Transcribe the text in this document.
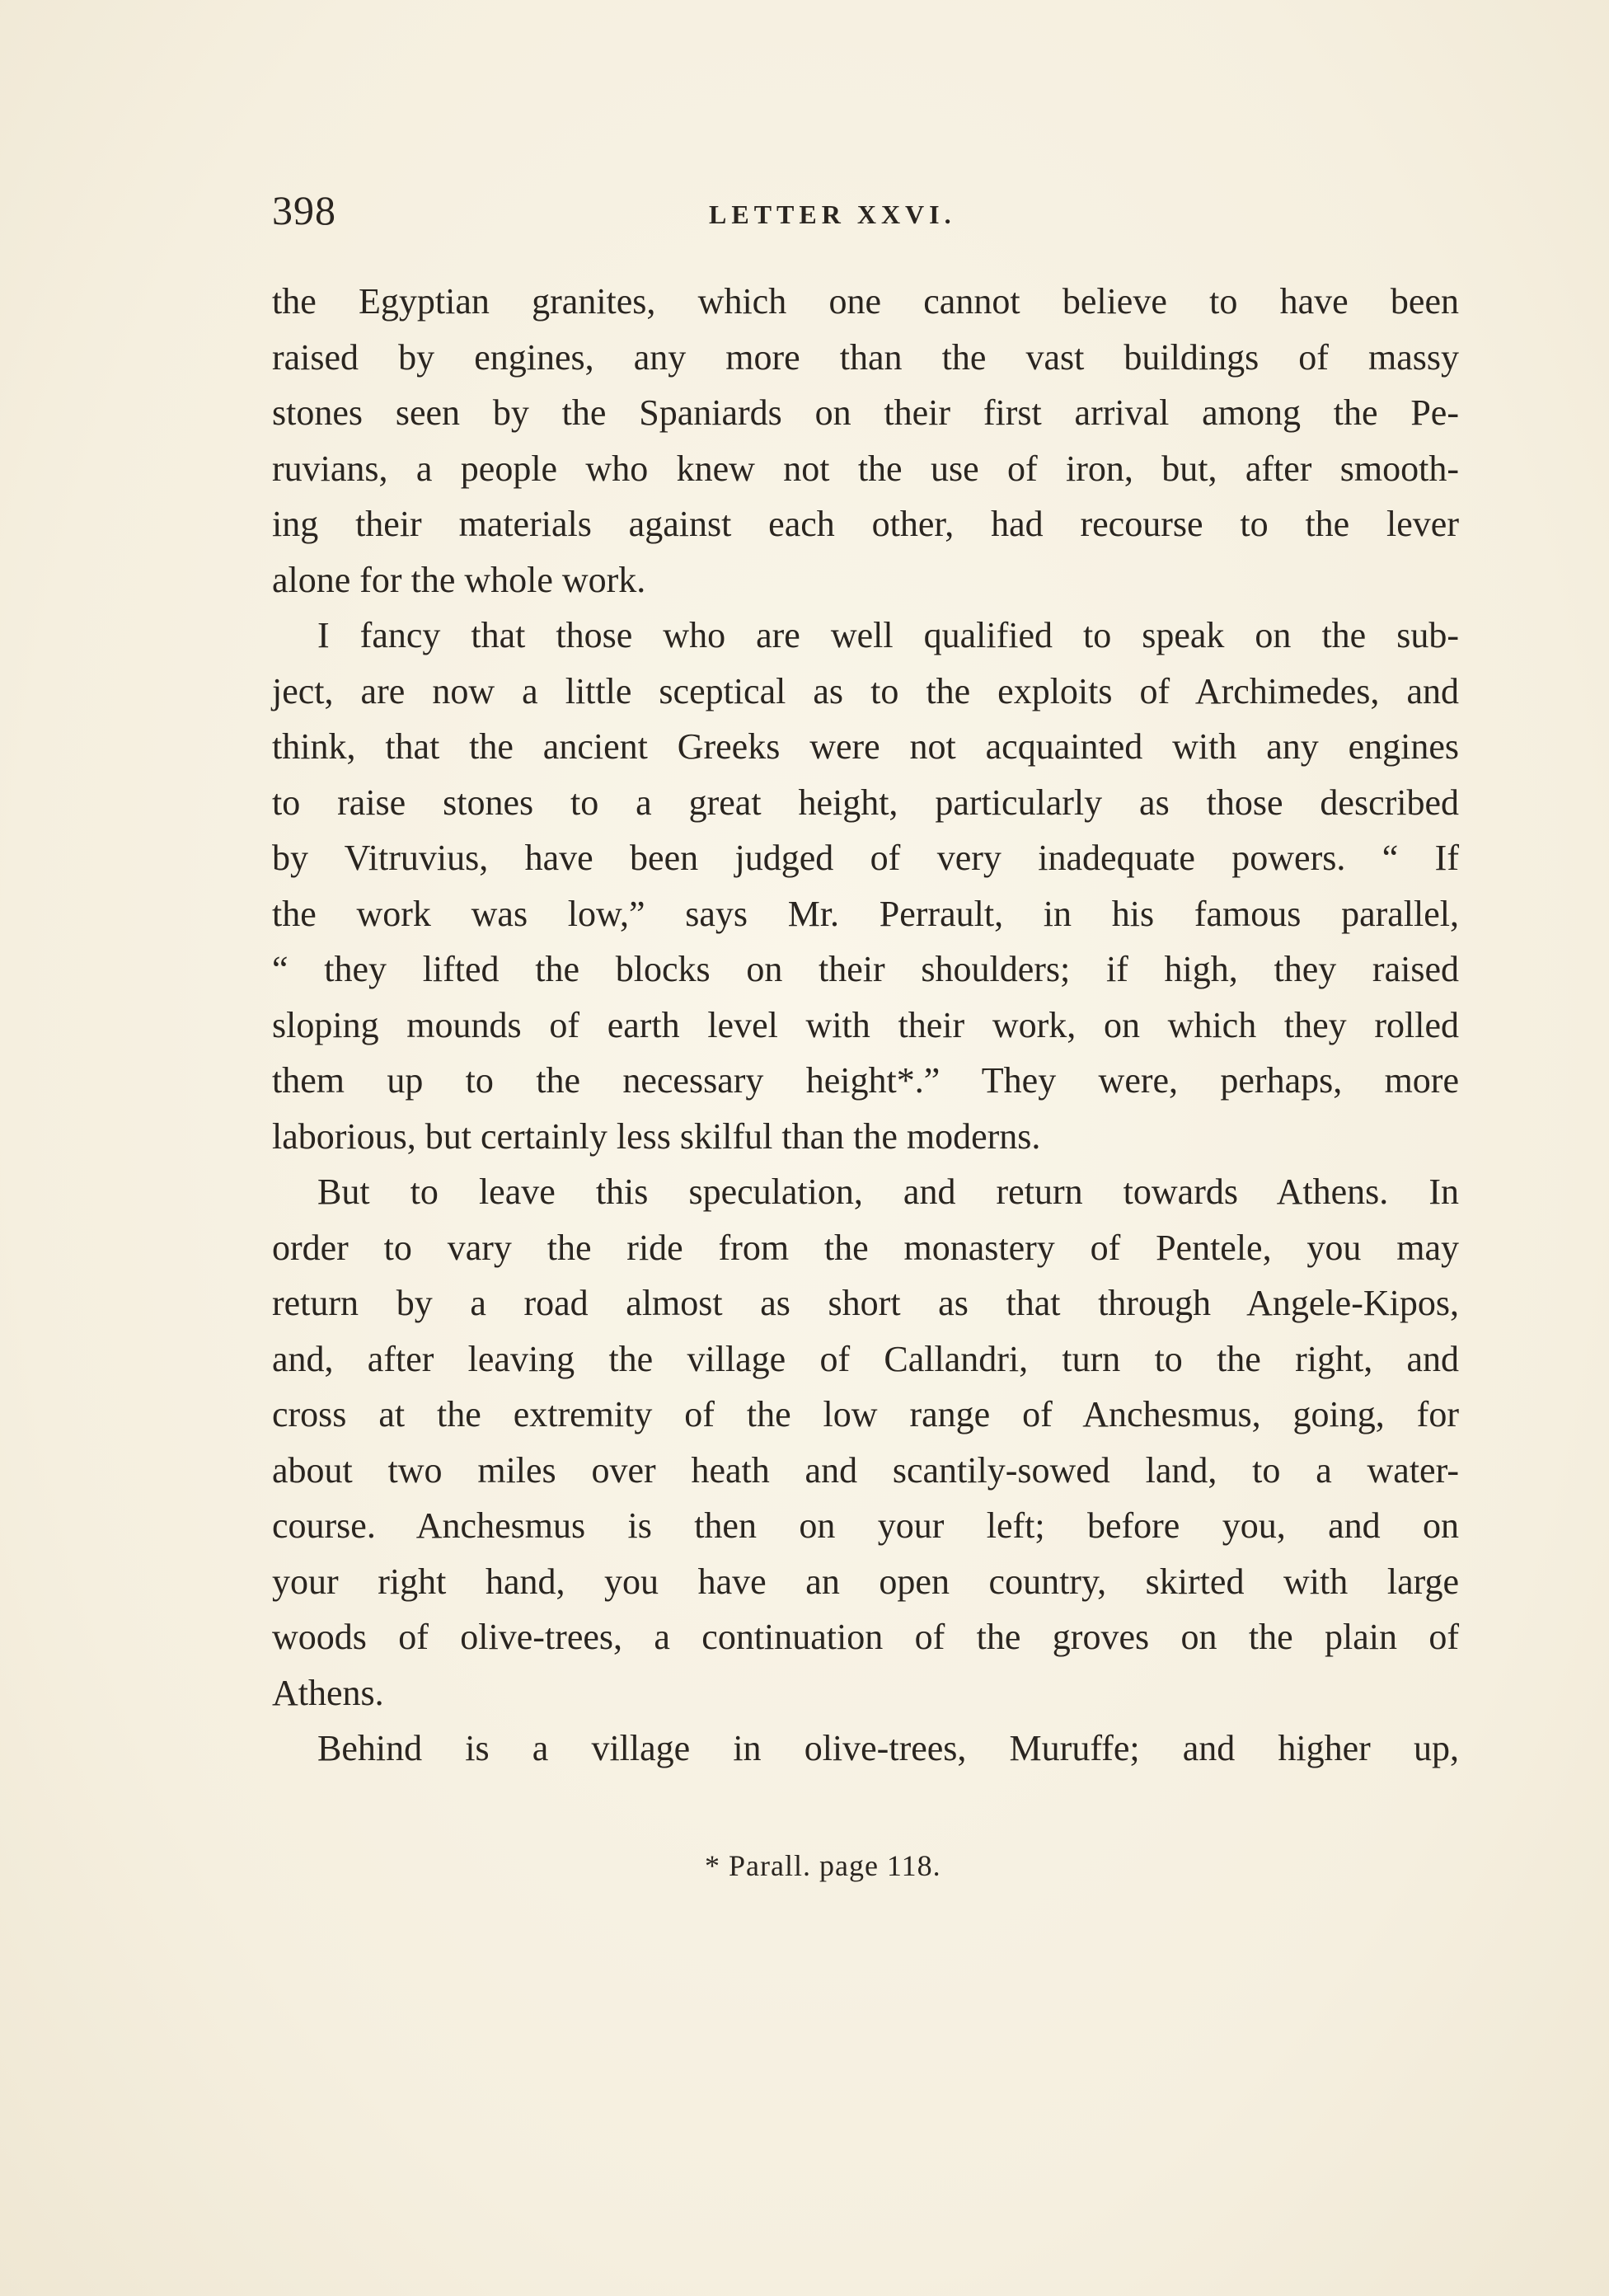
398	LETTER XXVI.
the Egyptian granites, which one cannot believe to have been
raised by engines, any more than the vast buildings of massy
stones seen by the Spaniards on their first arrival among the Pe-
ruvians, a people who knew not the use of iron, but, after smooth-
ing their materials against each other, had recourse to the lever
alone for the whole work.
I fancy that those who are well qualified to speak on the sub-
ject, are now a little sceptical as to the exploits of Archimedes, and
think, that the ancient Greeks were not acquainted with any engines
to raise stones to a great height, particularly as those described
by Vitruvius, have been judged of very inadequate powers. “ If
the work was low,” says Mr. Perrault, in his famous parallel,
“ they lifted the blocks on their shoulders; if high, they raised
sloping mounds of earth level with their work, on which they rolled
them up to the necessary height*.” They were, perhaps, more
laborious, but certainly less skilful than the moderns.
But to leave this speculation, and return towards Athens. In
order to vary the ride from the monastery of Pentele, you may
return by a road almost as short as that through Angele-Kipos,
and, after leaving the village of Callandri, turn to the right, and
cross at the extremity of the low range of Anchesmus, going, for
about two miles over heath and scantily-sowed land, to a water-
course. Anchesmus is then on your left; before you, and on
your right hand, you have an open country, skirted with large
woods of olive-trees, a continuation of the groves on the plain of
Athens.
Behind is a village in olive-trees, Muruffe; and higher up,
* Parall. page 118.
